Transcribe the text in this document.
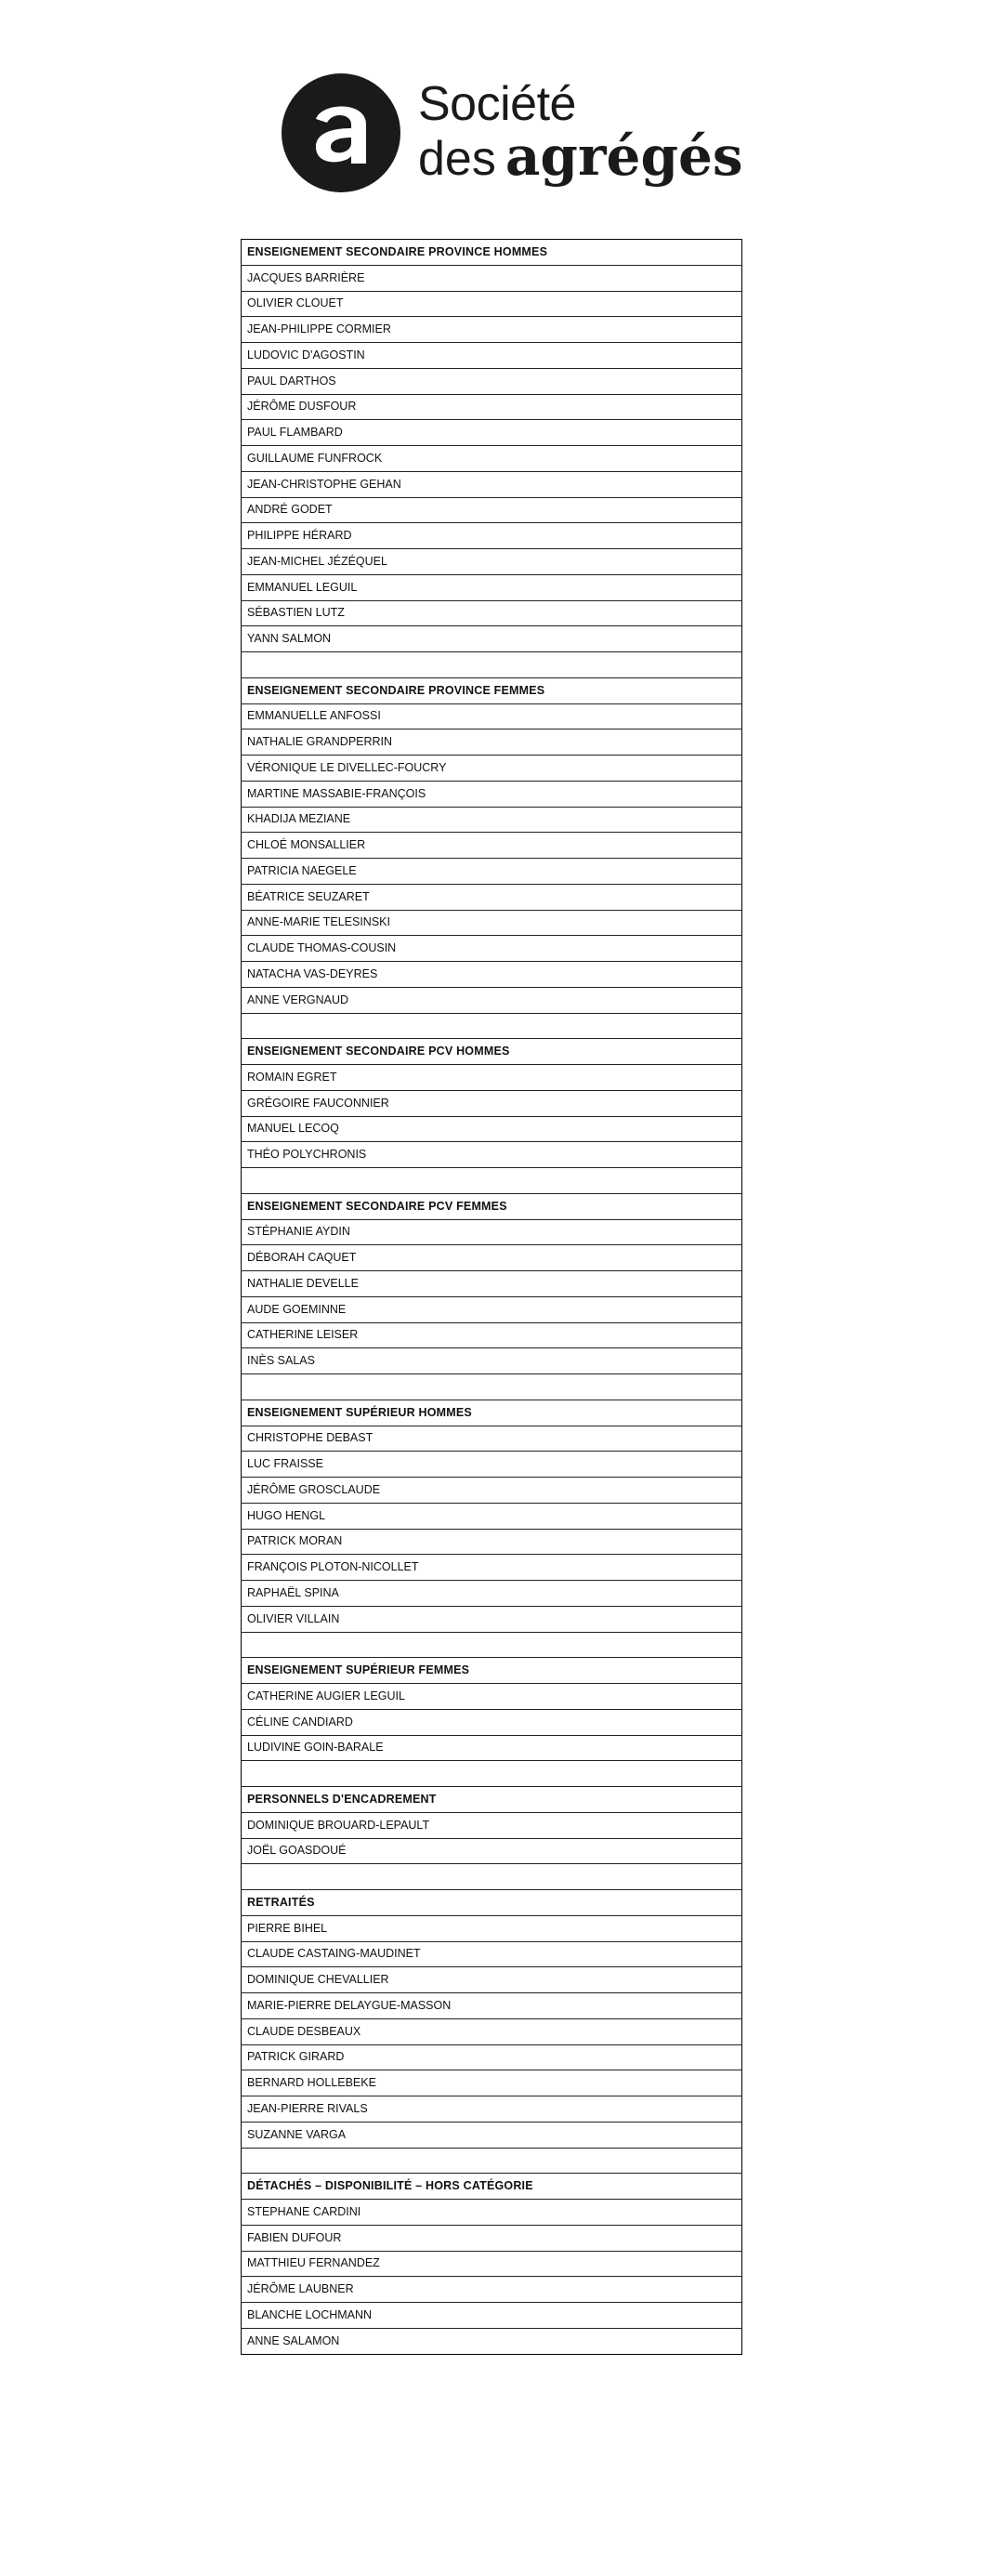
Société
des agrégés
ENSEIGNEMENT SECONDAIRE PROVINCE HOMMES
JACQUES BARRIÈRE
OLIVIER CLOUET
JEAN-PHILIPPE CORMIER
LUDOVIC D'AGOSTIN
PAUL DARTHOS
JÉRÔME DUSFOUR
PAUL FLAMBARD
GUILLAUME FUNFROCK
JEAN-CHRISTOPHE GEHAN
ANDRÉ GODET
PHILIPPE HÉRARD
JEAN-MICHEL JÉZÉQUEL
EMMANUEL LEGUIL
SÉBASTIEN LUTZ
YANN SALMON

ENSEIGNEMENT SECONDAIRE PROVINCE FEMMES
EMMANUELLE ANFOSSI
NATHALIE GRANDPERRIN
VÉRONIQUE LE DIVELLEC-FOUCRY
MARTINE MASSABIE-FRANÇOIS
KHADIJA MEZIANE
CHLOÉ MONSALLIER
PATRICIA NAEGELE
BÉATRICE SEUZARET
ANNE-MARIE TELESINSKI
CLAUDE THOMAS-COUSIN
NATACHA VAS-DEYRES
ANNE VERGNAUD

ENSEIGNEMENT SECONDAIRE PCV HOMMES
ROMAIN EGRET
GRÉGOIRE FAUCONNIER
MANUEL LECOQ
THÉO POLYCHRONIS

ENSEIGNEMENT SECONDAIRE PCV FEMMES
STÉPHANIE AYDIN
DÉBORAH CAQUET
NATHALIE DEVELLE
AUDE GOEMINNE
CATHERINE LEISER
INÈS SALAS

ENSEIGNEMENT SUPÉRIEUR HOMMES
CHRISTOPHE DEBAST
LUC FRAISSE
JÉRÔME GROSCLAUDE
HUGO HENGL
PATRICK MORAN
FRANÇOIS PLOTON-NICOLLET
RAPHAËL SPINA
OLIVIER VILLAIN

ENSEIGNEMENT SUPÉRIEUR FEMMES
CATHERINE AUGIER LEGUIL
CÉLINE CANDIARD
LUDIVINE GOIN-BARALE

PERSONNELS D'ENCADREMENT
DOMINIQUE BROUARD-LEPAULT
JOËL GOASDOUÉ

RETRAITÉS
PIERRE BIHEL
CLAUDE CASTAING-MAUDINET
DOMINIQUE CHEVALLIER
MARIE-PIERRE DELAYGUE-MASSON
CLAUDE DESBEAUX
PATRICK GIRARD
BERNARD HOLLEBEKE
JEAN-PIERRE RIVALS
SUZANNE VARGA

DÉTACHÉS – DISPONIBILITÉ – HORS CATÉGORIE
STEPHANE CARDINI
FABIEN DUFOUR
MATTHIEU FERNANDEZ
JÉRÔME LAUBNER
BLANCHE LOCHMANN
ANNE SALAMON
